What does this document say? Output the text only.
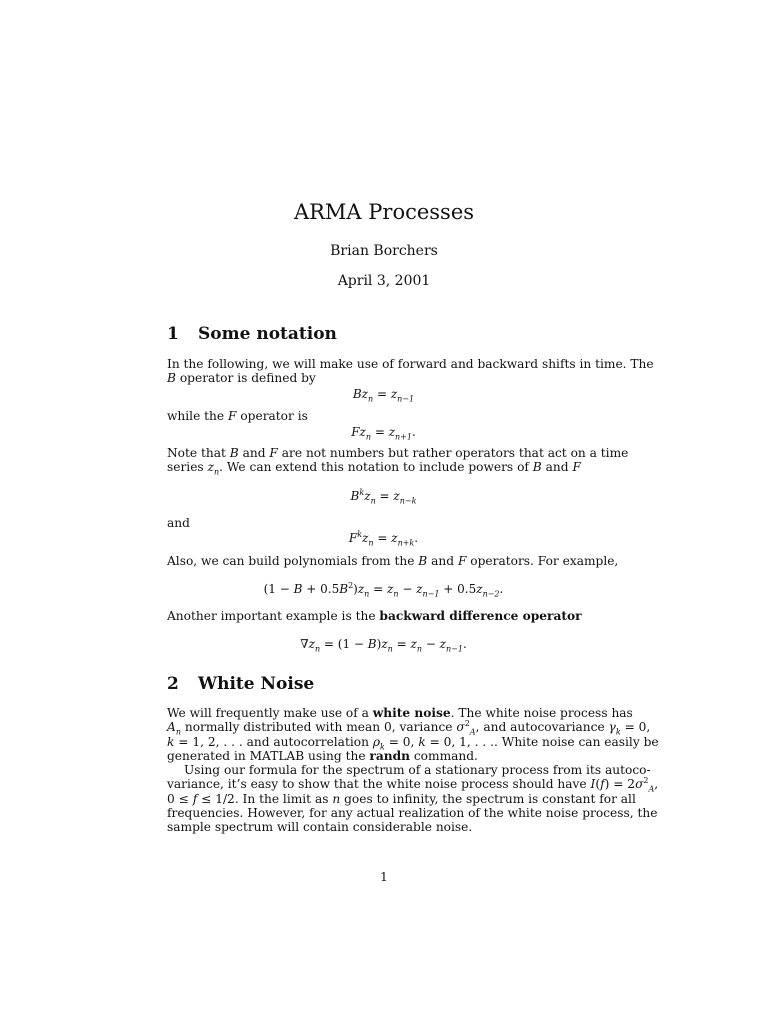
ARMA Processes
Brian Borchers
April 3, 2001
1 Some notation
In the following, we will make use of forward and backward shifts in time. The
B operator is defined by
$Bz_n = z_{n-1}$
while the F operator is
$Fz_n = z_{n+1}$.
Note that B and F are not numbers but rather operators that act on a time
series $z_n$. We can extend this notation to include powers of B and F
$B^kz_n = z_{n-k}$
and
$F^kz_n = z_{n+k}$.
Also, we can build polynomials from the B and F operators. For example,
$(1 - B + 0.5B^2)z_n = z_n - z_{n-1} + 0.5z_{n-2}$.
Another important example is the backward difference operator
$\nabla z_n = (1 - B)z_n = z_n - z_{n-1}$.
2 White Noise
We will frequently make use of a white noise. The white noise process has
$A_n$ normally distributed with mean 0, variance $\sigma^2_A$, and autocovariance $\gamma_k = 0$,
k = 1, 2, . . . and autocorrelation $\rho_k = 0$, k = 0, 1, . . .. White noise can easily be
generated in MATLAB using the randn command.
Using our formula for the spectrum of a stationary process from its autoco-
variance, it’s easy to show that the white noise process should have $I(f) = 2\sigma^2_A$,
0 ≤ f ≤ 1/2. In the limit as n goes to infinity, the spectrum is constant for all
frequencies. However, for any actual realization of the white noise process, the
sample spectrum will contain considerable noise.
1
